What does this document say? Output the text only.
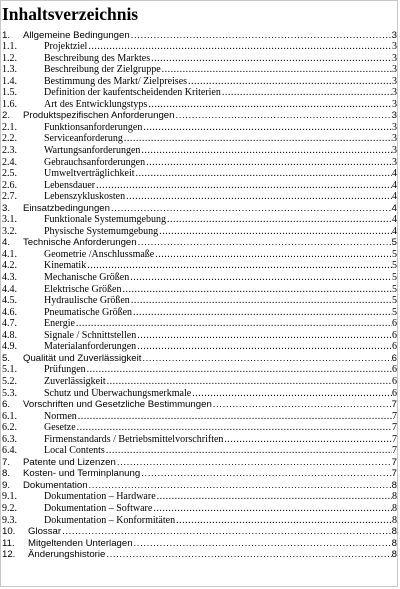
Inhaltsverzeichnis
1. Allgemeine Bedingungen .....	3
1.1.	Projektziel .....	3
1.2.	Beschreibung des Marktes .....	3
1.3.	Beschreibung der Zielgruppe .....	3
1.4.	Bestimmung des Markt/ Zielpreises .....	3
1.5.	Definition der kaufentscheidenden Kriterien .....	3
1.6.	Art des Entwicklungstyps .....	3
2. Produktspezifischen Anforderungen .....	3
2.1.	Funktionsanforderungen .....	3
2.2.	Serviceanforderung .....	3
2.3.	Wartungsanforderungen .....	3
2.4.	Gebrauchsanforderungen .....	3
2.5.	Umweltverträglichkeit .....	4
2.6.	Lebensdauer .....	4
2.7.	Lebenszykluskosten .....	4
3. Einsatzbedingungen .....	4
3.1.	Funktionale Systemumgebung .....	4
3.2.	Physische Systemumgebung .....	4
4. Technische Anforderungen .....	5
4.1.	Geometrie /Anschlussmaße .....	5
4.2.	Kinematik .....	5
4.3.	Mechanische Größen .....	5
4.4.	Elektrische Größen .....	5
4.5.	Hydraulische Größen .....	5
4.6.	Pneumatische Größen .....	5
4.7.	Energie .....	6
4.8.	Signale / Schnittstellen .....	6
4.9.	Materialanforderungen .....	6
5. Qualität und Zuverlässigkeit .....	6
5.1.	Prüfungen .....	6
5.2.	Zuverlässigkeit .....	6
5.3.	Schutz und Überwachungsmerkmale .....	6
6. Vorschriften und Gesetzliche Bestimmungen .....	7
6.1.	Normen .....	7
6.2.	Gesetze .....	7
6.3.	Firmenstandards / Betriebsmittelvorschriften .....	7
6.4.	Local Contents .....	7
7. Patente und Lizenzen .....	7
8. Kosten- und Terminplanung .....	7
9. Dokumentation .....	8
9.1.	Dokumentation – Hardware .....	8
9.2.	Dokumentation – Software .....	8
9.3.	Dokumentation – Konformitäten .....	8
10. Glossar .....	8
11. Mitgeltenden Unterlagen .....	8
12. Änderungshistorie .....	8
